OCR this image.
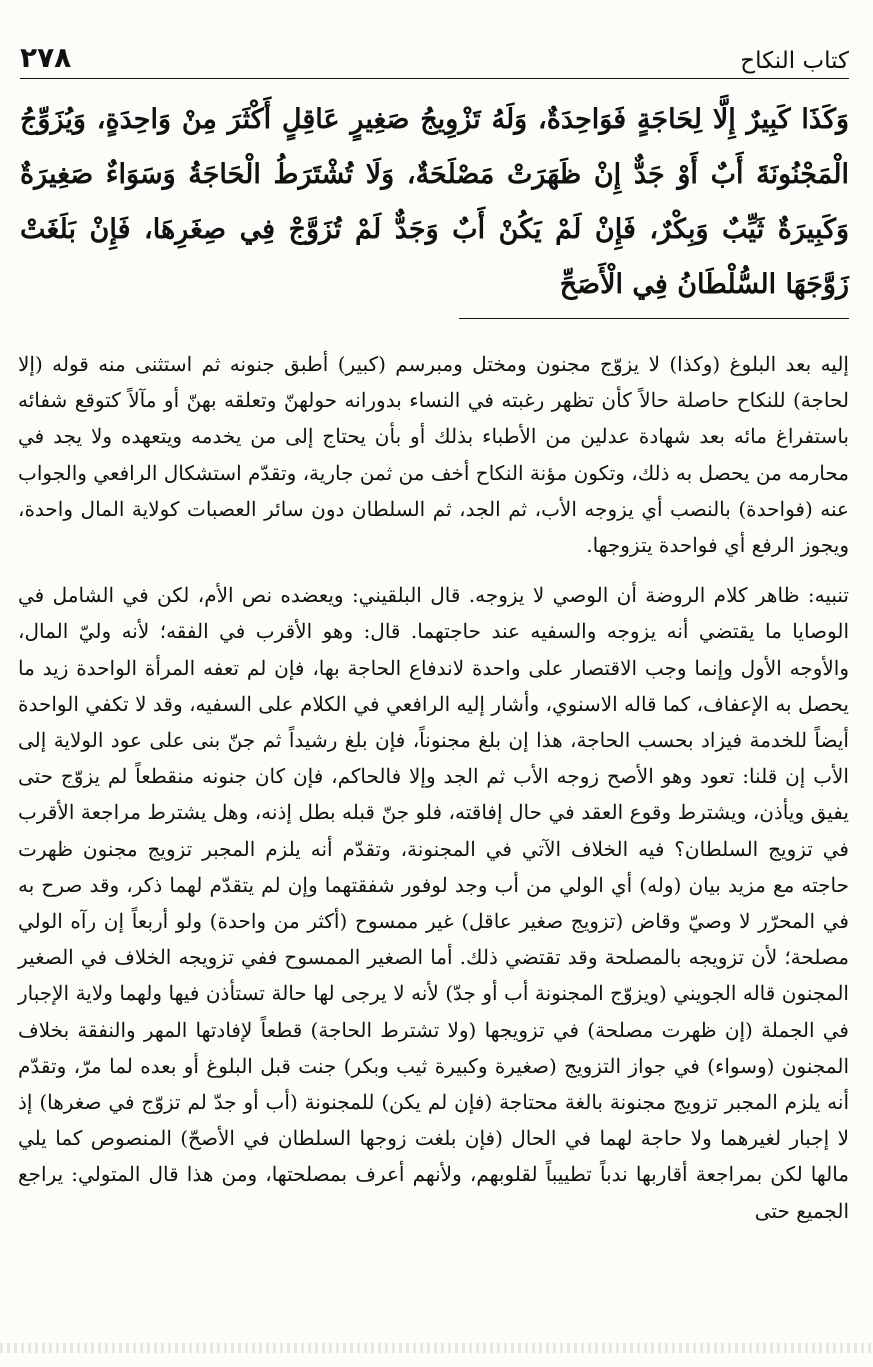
٢٧٨	كتاب النكاح

وَكَذَا كَبِيرٌ إِلَّا لِحَاجَةٍ فَوَاحِدَةٌ، وَلَهُ تَزْوِيجُ صَغِيرٍ عَاقِلٍ أَكْثَرَ مِنْ وَاحِدَةٍ، وَيُزَوِّجُ الْمَجْنُونَةَ أَبٌ أَوْ جَدٌّ إِنْ ظَهَرَتْ مَصْلَحَةٌ، وَلَا تُشْتَرَطُ الْحَاجَةُ وَسَوَاءٌ صَغِيرَةٌ وَكَبِيرَةٌ ثَيِّبٌ وَبِكْرٌ، فَإِنْ لَمْ يَكُنْ أَبٌ وَجَدٌّ لَمْ تُزَوَّجْ فِي صِغَرِهَا، فَإِنْ بَلَغَتْ زَوَّجَهَا السُّلْطَانُ فِي الْأَصَحِّ

إليه بعد البلوغ (وكذا) لا يزوّج مجنون ومختل ومبرسم (كبير) أطبق جنونه ثم استثنى منه قوله (إلا لحاجة) للنكاح حاصلة حالاً كأن تظهر رغبته في النساء بدورانه حولهنّ وتعلقه بهنّ أو مآلاً كتوقع شفائه باستفراغ مائه بعد شهادة عدلين من الأطباء بذلك أو بأن يحتاج إلى من يخدمه ويتعهده ولا يجد في محارمه من يحصل به ذلك، وتكون مؤنة النكاح أخف من ثمن جارية، وتقدّم استشكال الرافعي والجواب عنه (فواحدة) بالنصب أي يزوجه الأب، ثم الجد، ثم السلطان دون سائر العصبات كولاية المال واحدة، ويجوز الرفع أي فواحدة يتزوجها.

تنبيه: ظاهر كلام الروضة أن الوصي لا يزوجه. قال البلقيني: ويعضده نص الأم، لكن في الشامل في الوصايا ما يقتضي أنه يزوجه والسفيه عند حاجتهما. قال: وهو الأقرب في الفقه؛ لأنه وليّ المال، والأوجه الأول وإنما وجب الاقتصار على واحدة لاندفاع الحاجة بها، فإن لم تعفه المرأة الواحدة زيد ما يحصل به الإعفاف، كما قاله الاسنوي، وأشار إليه الرافعي في الكلام على السفيه، وقد لا تكفي الواحدة أيضاً للخدمة فيزاد بحسب الحاجة، هذا إن بلغ مجنوناً، فإن بلغ رشيداً ثم جنّ بنى على عود الولاية إلى الأب إن قلنا: تعود وهو الأصح زوجه الأب ثم الجد وإلا فالحاكم، فإن كان جنونه منقطعاً لم يزوّج حتى يفيق ويأذن، ويشترط وقوع العقد في حال إفاقته، فلو جنّ قبله بطل إذنه، وهل يشترط مراجعة الأقرب في تزويج السلطان؟ فيه الخلاف الآتي في المجنونة، وتقدّم أنه يلزم المجبر تزويج مجنون ظهرت حاجته مع مزيد بيان (وله) أي الولي من أب وجد لوفور شفقتهما وإن لم يتقدّم لهما ذكر، وقد صرح به في المحرّر لا وصيّ وقاض (تزويج صغير عاقل) غير ممسوح (أكثر من واحدة) ولو أربعاً إن رآه الولي مصلحة؛ لأن تزويجه بالمصلحة وقد تقتضي ذلك. أما الصغير الممسوح ففي تزويجه الخلاف في الصغير المجنون قاله الجويني (ويزوّج المجنونة أب أو جدّ) لأنه لا يرجى لها حالة تستأذن فيها ولهما ولاية الإجبار في الجملة (إن ظهرت مصلحة) في تزويجها (ولا تشترط الحاجة) قطعاً لإفادتها المهر والنفقة بخلاف المجنون (وسواء) في جواز التزويج (صغيرة وكبيرة ثيب وبكر) جنت قبل البلوغ أو بعده لما مرّ، وتقدّم أنه يلزم المجبر تزويج مجنونة بالغة محتاجة (فإن لم يكن) للمجنونة (أب أو جدّ لم تزوّج في صغرها) إذ لا إجبار لغيرهما ولا حاجة لهما في الحال (فإن بلغت زوجها السلطان في الأصحّ) المنصوص كما يلي مالها لكن بمراجعة أقاربها ندباً تطييباً لقلوبهم، ولأنهم أعرف بمصلحتها، ومن هذا قال المتولي: يراجع الجميع حتى
